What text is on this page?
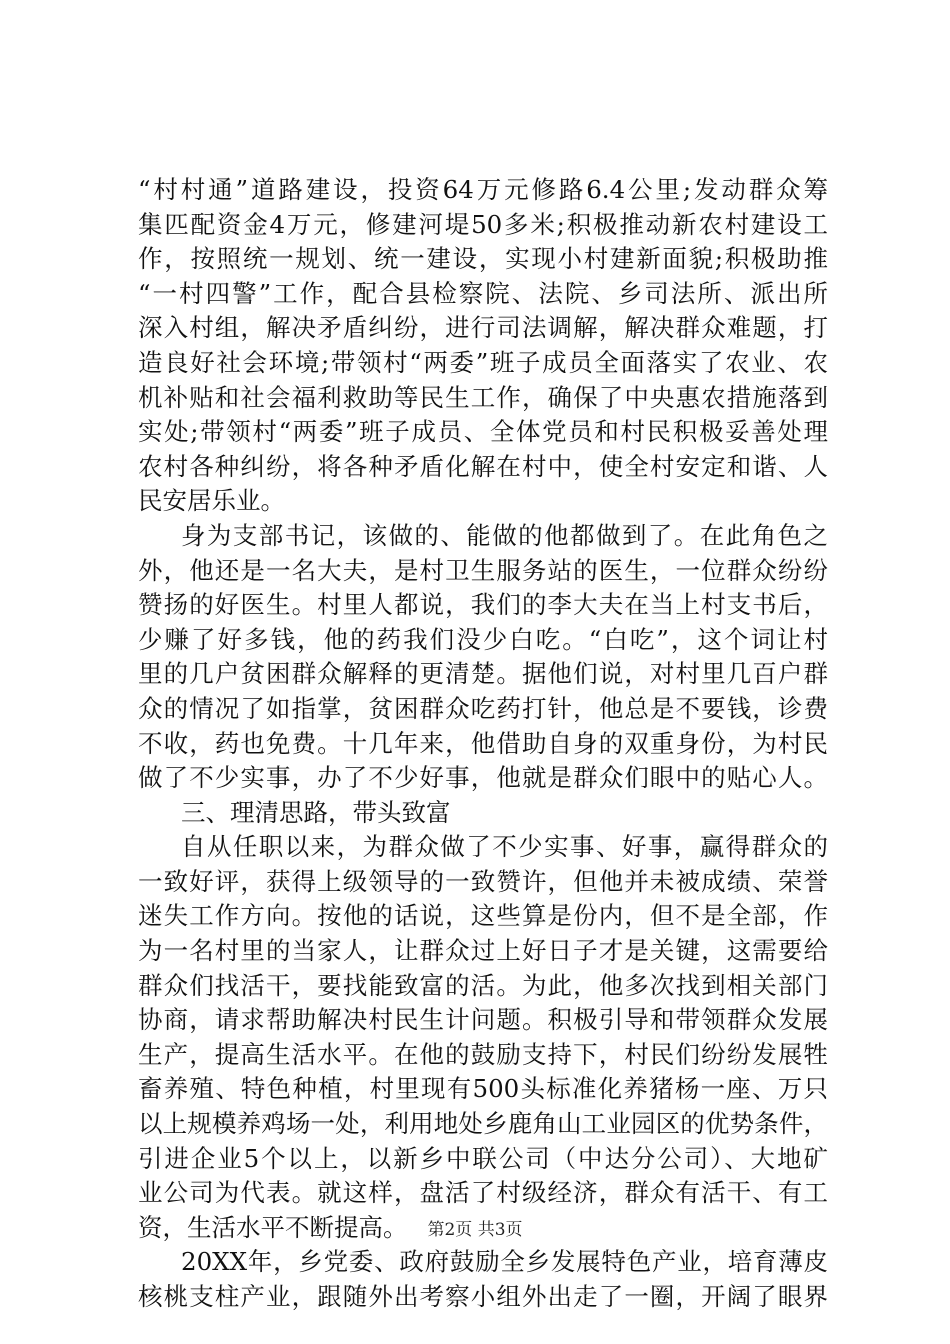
“村村通”道路建设，投资64万元修路6.4公里;发动群众筹
集匹配资金4万元，修建河堤50多米;积极推动新农村建设工
作，按照统一规划、统一建设，实现小村建新面貌;积极助推
“一村四警”工作，配合县检察院、法院、乡司法所、派出所
深入村组，解决矛盾纠纷，进行司法调解，解决群众难题，打
造良好社会环境;带领村“两委”班子成员全面落实了农业、农
机补贴和社会福利救助等民生工作，确保了中央惠农措施落到
实处;带领村“两委”班子成员、全体党员和村民积极妥善处理
农村各种纠纷，将各种矛盾化解在村中，使全村安定和谐、人
民安居乐业。
身为支部书记，该做的、能做的他都做到了。在此角色之
外，他还是一名大夫，是村卫生服务站的医生，一位群众纷纷
赞扬的好医生。村里人都说，我们的李大夫在当上村支书后，
少赚了好多钱，他的药我们没少白吃。“白吃”，这个词让村
里的几户贫困群众解释的更清楚。据他们说，对村里几百户群
众的情况了如指掌，贫困群众吃药打针，他总是不要钱，诊费
不收，药也免费。十几年来，他借助自身的双重身份，为村民
做了不少实事，办了不少好事，他就是群众们眼中的贴心人。
三、理清思路，带头致富
自从任职以来，为群众做了不少实事、好事，赢得群众的
一致好评，获得上级领导的一致赞许，但他并未被成绩、荣誉
迷失工作方向。按他的话说，这些算是份内，但不是全部，作
为一名村里的当家人，让群众过上好日子才是关键，这需要给
群众们找活干，要找能致富的活。为此，他多次找到相关部门
协商，请求帮助解决村民生计问题。积极引导和带领群众发展
生产，提高生活水平。在他的鼓励支持下，村民们纷纷发展牲
畜养殖、特色种植，村里现有500头标准化养猪杨一座、万只
以上规模养鸡场一处，利用地处乡鹿角山工业园区的优势条件，
引进企业5个以上，以新乡中联公司（中达分公司）、大地矿
业公司为代表。就这样，盘活了村级经济，群众有活干、有工
资，生活水平不断提高。
20XX年，乡党委、政府鼓励全乡发展特色产业，培育薄皮
核桃支柱产业，跟随外出考察小组外出走了一圈，开阔了眼界
第2页 共3页
